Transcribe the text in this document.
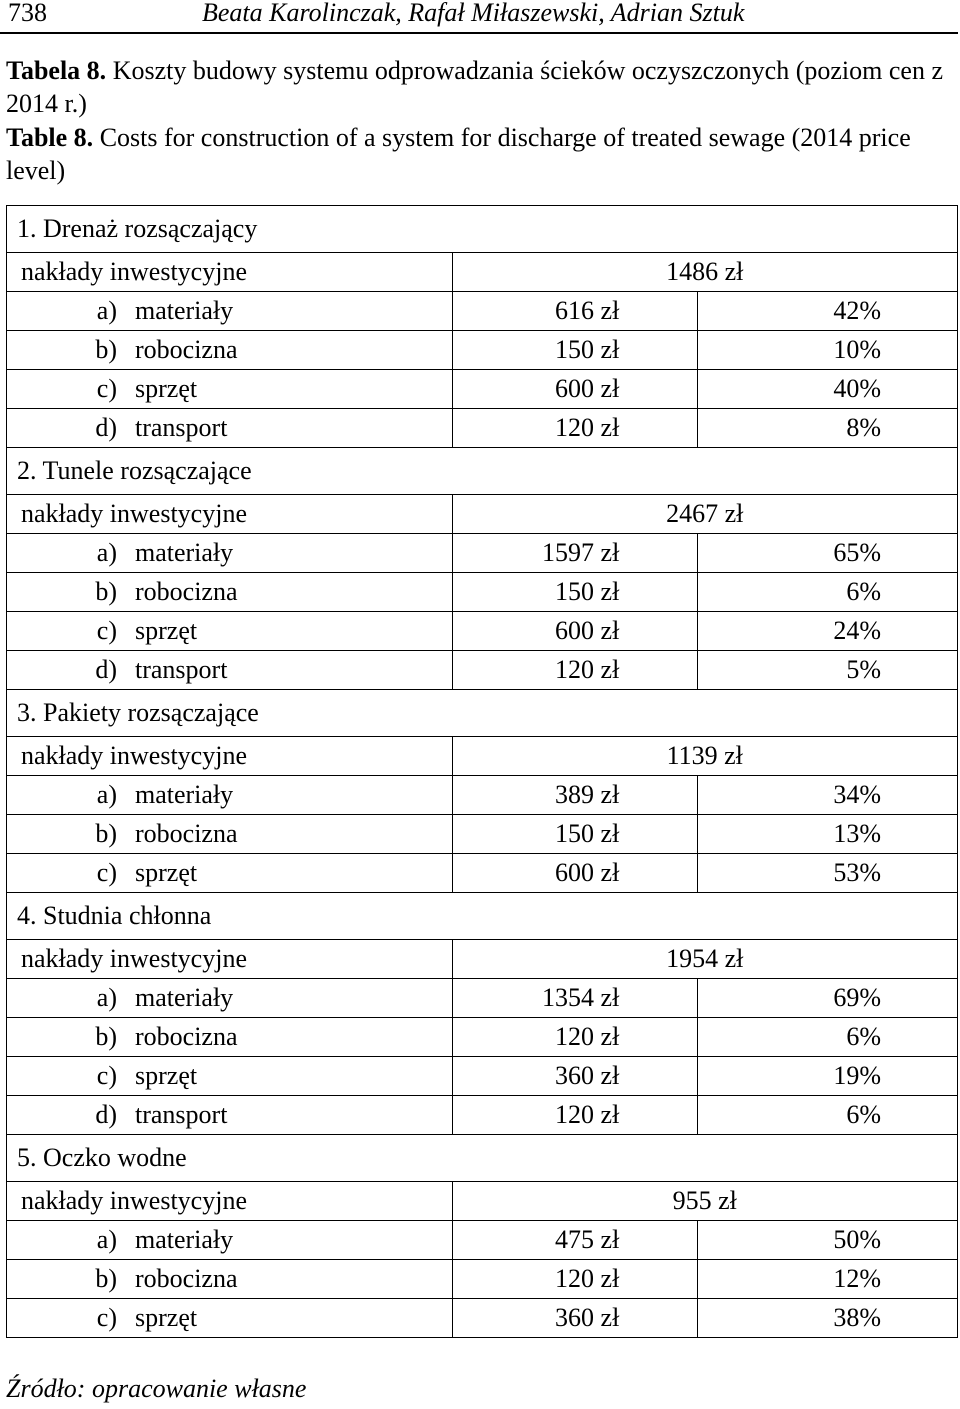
738	Beata Karolinczak, Rafał Miłaszewski, Adrian Sztuk
Tabela 8. Koszty budowy systemu odprowadzania ścieków oczyszczonych (poziom cen z 2014 r.)
Table 8. Costs for construction of a system for discharge of treated sewage (2014 price level)
1. Drenaż rozsączający		
nakłady inwestycyjne	1486 zł	
a) materiały	616 zł	42%
b) robocizna	150 zł	10%
c) sprzęt	600 zł	40%
d) transport	120 zł	8%
2. Tunele rozsączające		
nakłady inwestycyjne	2467 zł	
a) materiały	1597 zł	65%
b) robocizna	150 zł	6%
c) sprzęt	600 zł	24%
d) transport	120 zł	5%
3. Pakiety rozsączające		
nakłady inwestycyjne	1139 zł	
a) materiały	389 zł	34%
b) robocizna	150 zł	13%
c) sprzęt	600 zł	53%
4. Studnia chłonna		
nakłady inwestycyjne	1954 zł	
a) materiały	1354 zł	69%
b) robocizna	120 zł	6%
c) sprzęt	360 zł	19%
d) transport	120 zł	6%
5. Oczko wodne		
nakłady inwestycyjne	955 zł	
a) materiały	475 zł	50%
b) robocizna	120 zł	12%
c) sprzęt	360 zł	38%
Źródło: opracowanie własne
